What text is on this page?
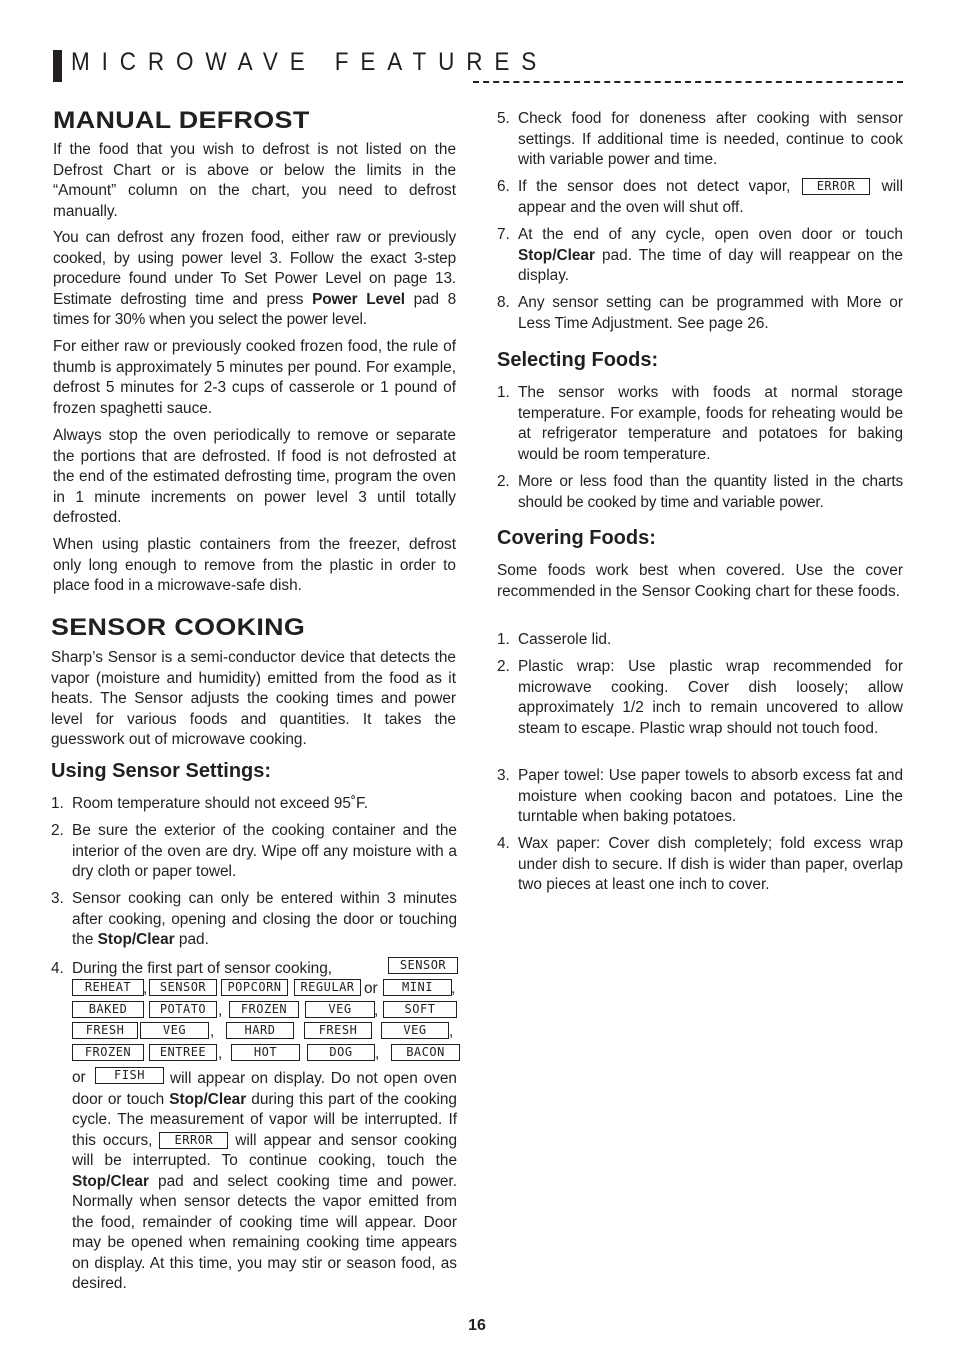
MICROWAVE FEATURES
MANUAL DEFROST

If the food that you wish to defrost is not listed on the Defrost Chart or is above or below the limits in the “Amount” column on the chart, you need to defrost manually.

You can defrost any frozen food, either raw or previously cooked, by using power level 3. Follow the exact 3-step procedure found under To Set Power Level on page 13. Estimate defrosting time and press Power Level pad 8 times for 30% when you select the power level.

For either raw or previously cooked frozen food, the rule of thumb is approximately 5 minutes per pound. For example, defrost 5 minutes for 2-3 cups of casserole or 1 pound of frozen spaghetti sauce.

Always stop the oven periodically to remove or separate the portions that are defrosted. If food is not defrosted at the end of the estimated defrosting time, program the oven in 1 minute increments on power level 3 until totally defrosted.

When using plastic containers from the freezer, defrost only long enough to remove from the plastic in order to place food in a microwave-safe dish.

SENSOR COOKING

Sharp’s Sensor is a semi-conductor device that detects the vapor (moisture and humidity) emitted from the food as it heats. The Sensor adjusts the cooking times and power level for various foods and quantities. It takes the guesswork out of microwave cooking.

Using Sensor Settings:
1. Room temperature should not exceed 95˚F.
2. Be sure the exterior of the cooking container and the interior of the oven are dry. Wipe off any moisture with a dry cloth or paper towel.
3. Sensor cooking can only be entered within 3 minutes after cooking, opening and closing the door or touching the Stop/Clear pad.
4. During the first part of sensor cooking,	SENSOR
REHEAT ,	SENSOR	POPCORN	REGULAR or	MINI	,
BAKED	POTATO ,	FROZEN	VEG	,	SOFT
FRESH	VEG	,	HARD	FRESH	VEG	,
FROZEN	ENTREE ,	HOT	DOG	,	BACON
or	FISH	will appear on display. Do not open oven door or touch Stop/Clear during this part of the cooking cycle. The measurement of vapor will be interrupted. If this occurs, ERROR will appear and sensor cooking will be interrupted. To continue cooking, touch the Stop/Clear pad and select cooking time and power. Normally when sensor detects the vapor emitted from the food, remainder of cooking time will appear. Door may be opened when remaining cooking time appears on display. At this time, you may stir or season food, as desired.
5. Check food for doneness after cooking with sensor settings. If additional time is needed, continue to cook with variable power and time.
6. If the sensor does not detect vapor, ERROR will appear and the oven will shut off.
7. At the end of any cycle, open oven door or touch Stop/Clear pad. The time of day will reappear on the display.
8. Any sensor setting can be programmed with More or Less Time Adjustment. See page 26.
Selecting Foods:
1. The sensor works with foods at normal storage temperature. For example, foods for reheating would be at refrigerator temperature and potatoes for baking would be room temperature.
2. More or less food than the quantity listed in the charts should be cooked by time and variable power.
Covering Foods:

Some foods work best when covered. Use the cover recommended in the Sensor Cooking chart for these foods.

1. Casserole lid.
2. Plastic wrap: Use plastic wrap recommended for microwave cooking. Cover dish loosely; allow approximately 1/2 inch to remain uncovered to allow steam to escape. Plastic wrap should not touch food.
3. Paper towel: Use paper towels to absorb excess fat and moisture when cooking bacon and potatoes. Line the turntable when baking potatoes.
4. Wax paper: Cover dish completely; fold excess wrap under dish to secure. If dish is wider than paper, overlap two pieces at least one inch to cover.
16
